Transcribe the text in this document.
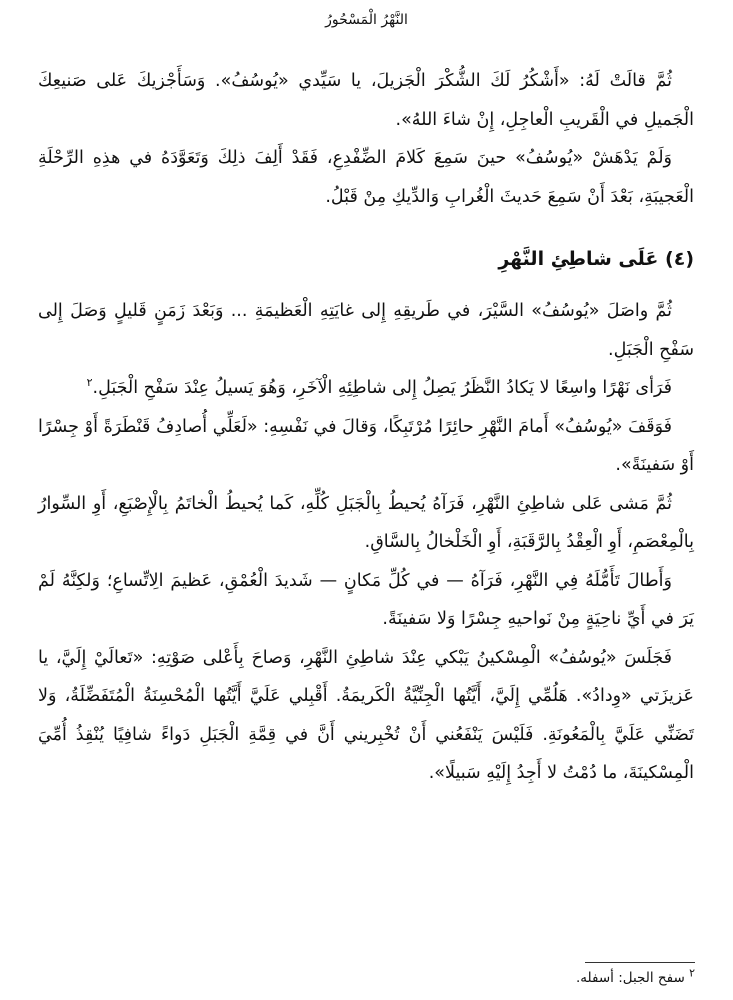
النَّهْرُ الْمَسْحُورُ

ثُمَّ قالَتْ لَهُ: «أَشْكُرُ لَكَ الشُّكْرَ الْجَزيلَ، يا سَيِّدي «يُوسُفُ». وَسَأَجْزيكَ عَلى صَنيعِكَ الْجَميلِ في الْقَريبِ الْعاجِلِ، إِنْ شاءَ اللهُ».

وَلَمْ يَدْهَشْ «يُوسُفُ» حينَ سَمِعَ كَلامَ الضِّفْدِعِ، فَقَدْ أَلِفَ ذلِكَ وَتَعَوَّدَهُ في هذِهِ الرِّحْلَةِ الْعَجيبَةِ، بَعْدَ أَنْ سَمِعَ حَديثَ الْغُرابِ وَالدِّيكِ مِنْ قَبْلُ.

(٤) عَلَى شاطِئِ النَّهْرِ

ثُمَّ واصَلَ «يُوسُفُ» السَّيْرَ، في طَريقِهِ إِلى غايَتِهِ الْعَظيمَةِ ... وَبَعْدَ زَمَنٍ قَليلٍ وَصَلَ إِلى سَفْحِ الْجَبَلِ.

فَرَأى نَهْرًا واسِعًا لا يَكادُ النَّظَرُ يَصِلُ إِلى شاطِئِهِ الْآخَرِ، وَهُوَ يَسيلُ عِنْدَ سَفْحِ الْجَبَلِ.$^٢$

فَوَقَفَ «يُوسُفُ» أَمامَ النَّهْرِ حائِرًا مُرْتَبِكًا، وَقالَ في نَفْسِهِ: «لَعَلِّي أُصادِفُ قَنْطَرَةً أَوْ جِسْرًا أَوْ سَفينَةً».

ثُمَّ مَشى عَلى شاطِئِ النَّهْرِ، فَرَآهُ يُحيطُ بِالْجَبَلِ كُلِّهِ، كَما يُحيطُ الْخاتَمُ بِالْإِصْبَعِ، أَوِ السِّوارُ بِالْمِعْصَمِ، أَوِ الْعِقْدُ بِالرَّقَبَةِ، أَوِ الْخَلْخالُ بِالسَّاقِ.

وَأَطالَ تَأَمُّلَهُ فِي النَّهْرِ، فَرَآهُ — في كُلِّ مَكانٍ — شَديدَ الْعُمْقِ، عَظيمَ الِاتِّساعِ؛ وَلكِنَّهُ لَمْ يَرَ في أَيِّ ناحِيَةٍ مِنْ نَواحيهِ جِسْرًا وَلا سَفينَةً.

فَجَلَسَ «يُوسُفُ» الْمِسْكينُ يَبْكي عِنْدَ شاطِئِ النَّهْرِ، وَصاحَ بِأَعْلى صَوْتِهِ: «تَعالَيْ إِلَيَّ، يا عَزيزَتي «وِدادُ». هَلُمِّي إِلَيَّ، أَيَّتُها الْجِنِّيَّةُ الْكَريمَةُ. أَقْبِلي عَلَيَّ أَيَّتُها الْمُحْسِنَةُ الْمُتَفَضِّلَةُ، وَلا تَضَنِّي عَلَيَّ بِالْمَعُونَةِ. فَلَيْسَ يَنْفَعُني أَنْ تُخْبِريني أَنَّ في قِمَّةِ الْجَبَلِ دَواءً شافِيًا يُنْقِذُ أُمِّيَ الْمِسْكينَةَ، ما دُمْتُ لا أَجِدُ إِلَيْهِ سَبيلًا».

$^٢$ سفح الجبل: أسفله.
